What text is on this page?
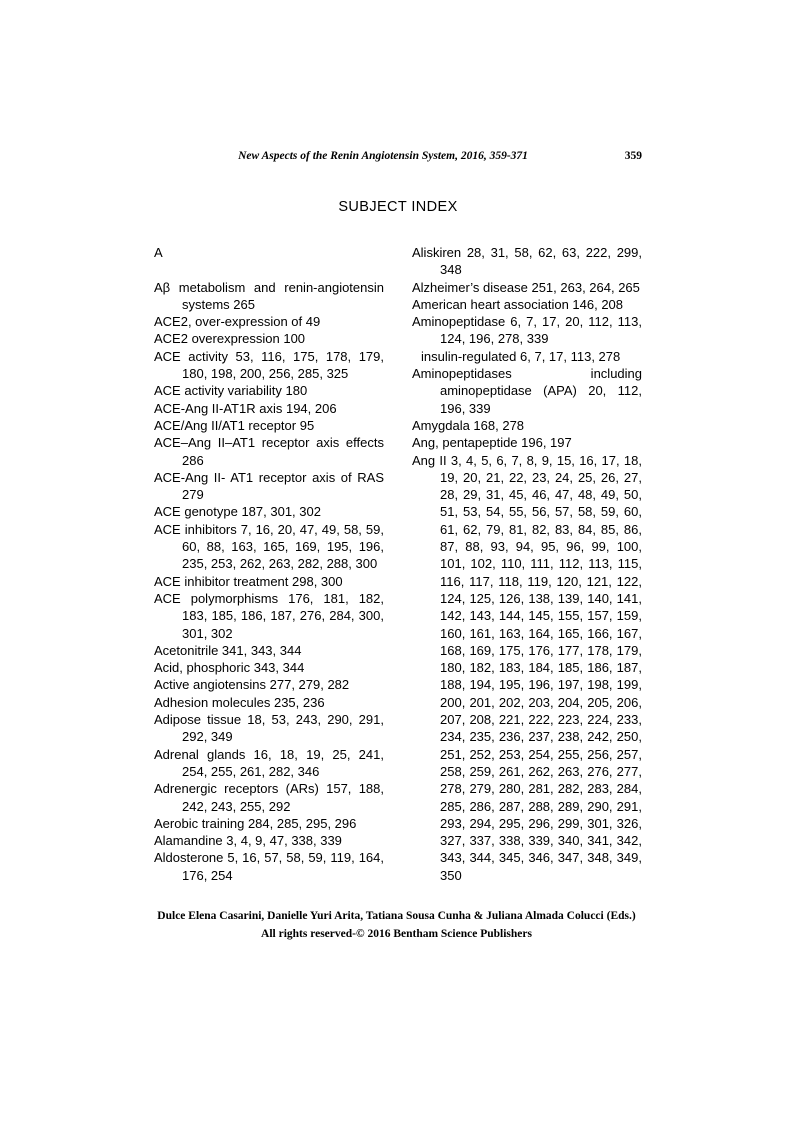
New Aspects of the Renin Angiotensin System, 2016, 359-371	359
SUBJECT INDEX
A

Aβ metabolism and renin-angiotensin systems 265

ACE2, over-expression of 49

ACE2 overexpression 100

ACE activity 53, 116, 175, 178, 179, 180, 198, 200, 256, 285, 325

ACE activity variability 180

ACE-Ang II-AT1R axis 194, 206

ACE/Ang II/AT1 receptor 95

ACE–Ang II–AT1 receptor axis effects 286

ACE-Ang II- AT1 receptor axis of RAS 279

ACE genotype 187, 301, 302

ACE inhibitors 7, 16, 20, 47, 49, 58, 59, 60, 88, 163, 165, 169, 195, 196, 235, 253, 262, 263, 282, 288, 300

ACE inhibitor treatment 298, 300

ACE polymorphisms 176, 181, 182, 183, 185, 186, 187, 276, 284, 300, 301, 302

Acetonitrile 341, 343, 344

Acid, phosphoric 343, 344

Active angiotensins 277, 279, 282

Adhesion molecules 235, 236

Adipose tissue 18, 53, 243, 290, 291, 292, 349

Adrenal glands 16, 18, 19, 25, 241, 254, 255, 261, 282, 346

Adrenergic receptors (ARs) 157, 188, 242, 243, 255, 292

Aerobic training 284, 285, 295, 296

Alamandine 3, 4, 9, 47, 338, 339

Aldosterone 5, 16, 57, 58, 59, 119, 164, 176, 254

Aliskiren 28, 31, 58, 62, 63, 222, 299, 348

Alzheimer’s disease 251, 263, 264, 265

American heart association 146, 208

Aminopeptidase 6, 7, 17, 20, 112, 113, 124, 196, 278, 339

insulin-regulated 6, 7, 17, 113, 278

Aminopeptidases including aminopeptidase (APA) 20, 112, 196, 339

Amygdala 168, 278

Ang, pentapeptide 196, 197

Ang II 3, 4, 5, 6, 7, 8, 9, 15, 16, 17, 18, 19, 20, 21, 22, 23, 24, 25, 26, 27, 28, 29, 31, 45, 46, 47, 48, 49, 50, 51, 53, 54, 55, 56, 57, 58, 59, 60, 61, 62, 79, 81, 82, 83, 84, 85, 86, 87, 88, 93, 94, 95, 96, 99, 100, 101, 102, 110, 111, 112, 113, 115, 116, 117, 118, 119, 120, 121, 122, 124, 125, 126, 138, 139, 140, 141, 142, 143, 144, 145, 155, 157, 159, 160, 161, 163, 164, 165, 166, 167, 168, 169, 175, 176, 177, 178, 179, 180, 182, 183, 184, 185, 186, 187, 188, 194, 195, 196, 197, 198, 199, 200, 201, 202, 203, 204, 205, 206, 207, 208, 221, 222, 223, 224, 233, 234, 235, 236, 237, 238, 242, 250, 251, 252, 253, 254, 255, 256, 257, 258, 259, 261, 262, 263, 276, 277, 278, 279, 280, 281, 282, 283, 284, 285, 286, 287, 288, 289, 290, 291, 293, 294, 295, 296, 299, 301, 326, 327, 337, 338, 339, 340, 341, 342, 343, 344, 345, 346, 347, 348, 349, 350

Dulce Elena Casarini, Danielle Yuri Arita, Tatiana Sousa Cunha & Juliana Almada Colucci (Eds.)

All rights reserved-© 2016 Bentham Science Publishers
